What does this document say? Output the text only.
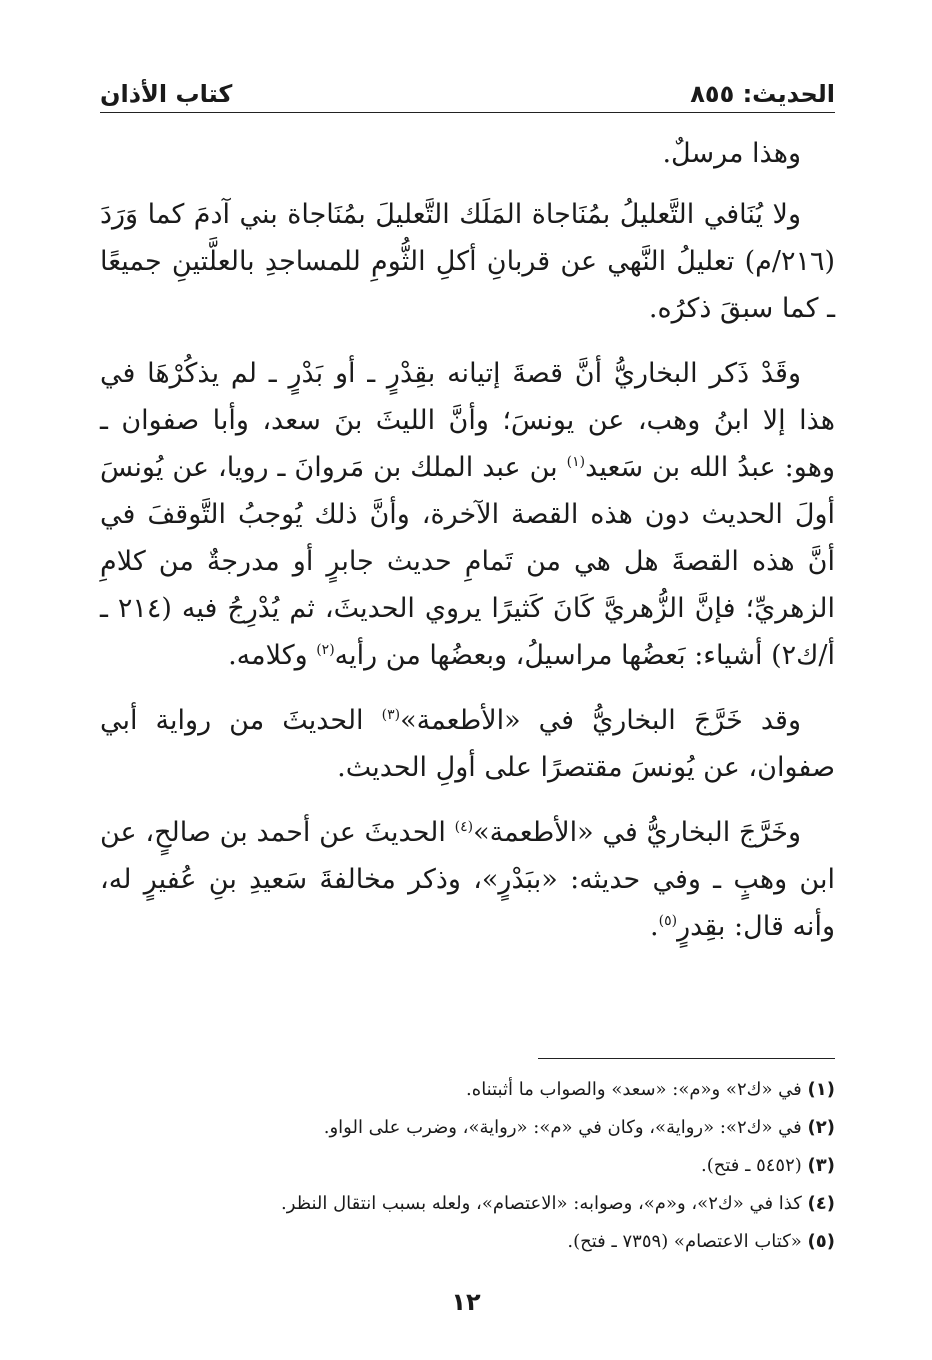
الحديث: ٨٥٥
كتاب الأذان

وهذا مرسلٌ.

ولا يُنَافي التَّعليلُ بمُنَاجاة المَلَك التَّعليلَ بمُنَاجاة بني آدمَ كما وَرَدَ (٢١٦/م) تعليلُ النَّهي عن قربانِ أكلِ الثُّومِ للمساجدِ بالعلَّتينِ جميعًا ـ كما سبقَ ذكرُه.

وقَدْ ذَكر البخاريُّ أنَّ قصةَ إتيانه بقِدْرٍ ـ أو بَدْرٍ ـ لم يذكُرْهَا في هذا إلا ابنُ وهب، عن يونسَ؛ وأنَّ الليثَ بنَ سعد، وأبا صفوان ـ وهو: عبدُ الله بن سَعيد$^{(١)}$ بن عبد الملك بن مَروانَ ـ رويا، عن يُونسَ أولَ الحديث دون هذه القصة الآخرة، وأنَّ ذلك يُوجبُ التَّوقفَ في أنَّ هذه القصةَ هل هي من تَمامِ حديث جابرٍ أو مدرجةٌ من كلامِ الزهريِّ؛ فإنَّ الزُّهريَّ كَانَ كَثيرًا يروي الحديثَ، ثم يُدْرِجُ فيه (٢١٤ ـ أ/ك٢) أشياء: بَعضُها مراسيلُ، وبعضُها من رأيه$^{(٢)}$ وكلامه.

وقد خَرَّجَ البخاريُّ في «الأطعمة»$^{(٣)}$ الحديثَ من رواية أبي صفوان، عن يُونسَ مقتصرًا على أولِ الحديث.

وخَرَّجَ البخاريُّ في «الأطعمة»$^{(٤)}$ الحديثَ عن أحمد بن صالحٍ، عن ابن وهبٍ ـ وفي حديثه: «ببَدْرٍ»، وذكر مخالفةَ سَعيدِ بنِ عُفيرٍ له، وأنه قال: بقِدرٍ$^{(٥)}$.

(١) في «ك٢» و«م»: «سعد» والصواب ما أثبتناه.
(٢) في «ك٢»: «رواية»، وكان في «م»: «رواية»، وضرب على الواو.
(٣) (٥٤٥٢ ـ فتح).
(٤) كذا في «ك٢»، و«م»، وصوابه: «الاعتصام»، ولعله بسبب انتقال النظر.
(٥) «كتاب الاعتصام» (٧٣٥٩ ـ فتح).
١٢
